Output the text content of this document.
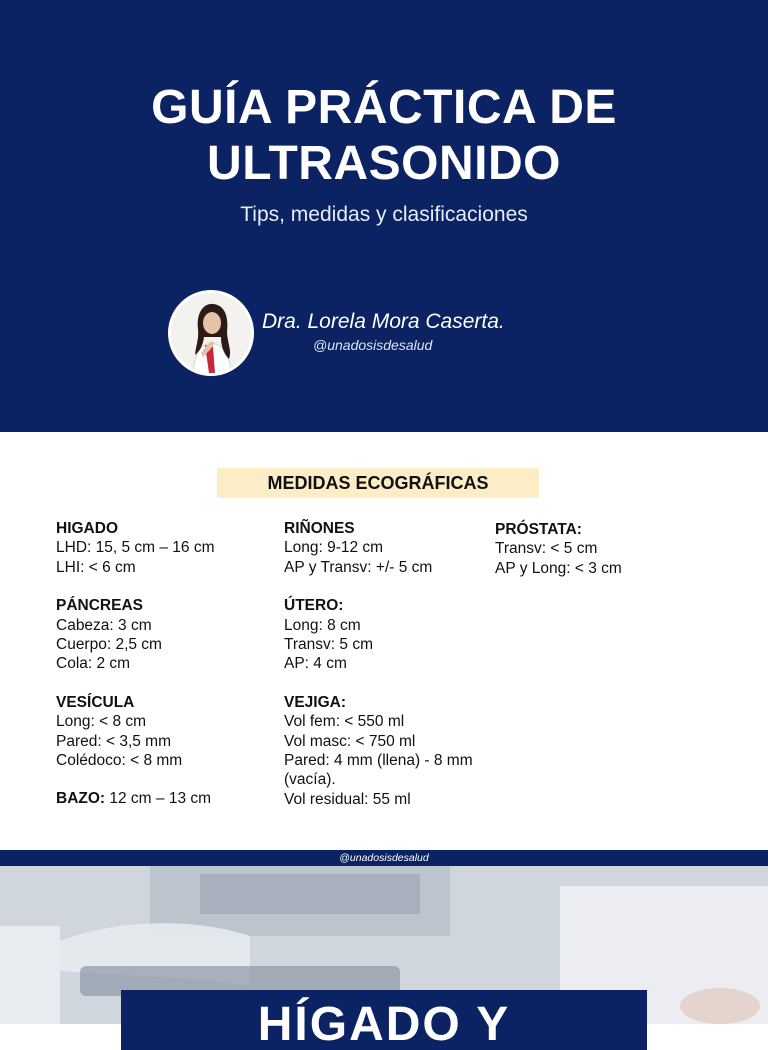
GUÍA PRÁCTICA DE
ULTRASONIDO
Tips, medidas y clasificaciones
Dra. Lorela Mora Caserta.
@unadosisdesalud
MEDIDAS ECOGRÁFICAS
HIGADO
LHD: 15, 5 cm – 16 cm
LHI: < 6 cm
PÁNCREAS
Cabeza: 3 cm
Cuerpo: 2,5 cm
Cola: 2 cm
VESÍCULA
Long: < 8 cm
Pared: < 3,5 mm
Colédoco: < 8 mm
BAZO: 12 cm – 13 cm
RIÑONES
Long: 9-12 cm
AP y Transv: +/- 5 cm
ÚTERO:
Long: 8 cm
Transv: 5 cm
AP: 4 cm
VEJIGA:
Vol fem: < 550 ml
Vol masc: < 750 ml
Pared: 4 mm (llena) - 8 mm
(vacía).
Vol residual: 55 ml
PRÓSTATA:
Transv: < 5 cm
AP y Long: < 3 cm
@unadosisdesalud
HÍGADO Y
